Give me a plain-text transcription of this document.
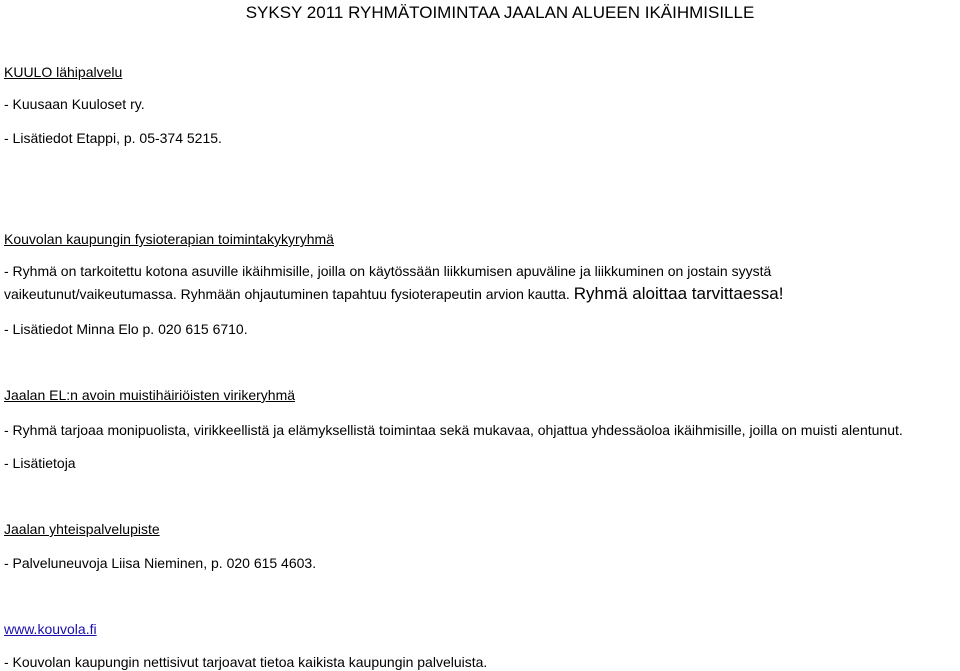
SYKSY 2011 RYHMÄTOIMINTAA JAALAN ALUEEN IKÄIHMISILLE
KUULO lähipalvelu
- Kuusaan Kuuloset ry.
- Lisätiedot Etappi, p. 05-374 5215.
Kouvolan kaupungin fysioterapian toimintakykyryhmä
- Ryhmä on tarkoitettu kotona asuville ikäihmisille, joilla on käytössään liikkumisen apuväline ja liikkuminen on jostain syystä
vaikeutunut/vaikeutumassa. Ryhmään ohjautuminen tapahtuu fysioterapeutin arvion kautta. Ryhmä aloittaa tarvittaessa!
- Lisätiedot Minna Elo p. 020 615 6710.
Jaalan EL:n avoin muistihäiriöisten virikeryhmä
- Ryhmä tarjoaa monipuolista, virikkeellistä ja elämyksellistä toimintaa sekä mukavaa, ohjattua yhdessäoloa ikäihmisille, joilla on muisti alentunut.
- Lisätietoja
Jaalan yhteispalvelupiste
- Palveluneuvoja Liisa Nieminen, p. 020 615 4603.
www.kouvola.fi
- Kouvolan kaupungin nettisivut tarjoavat tietoa kaikista kaupungin palveluista.
